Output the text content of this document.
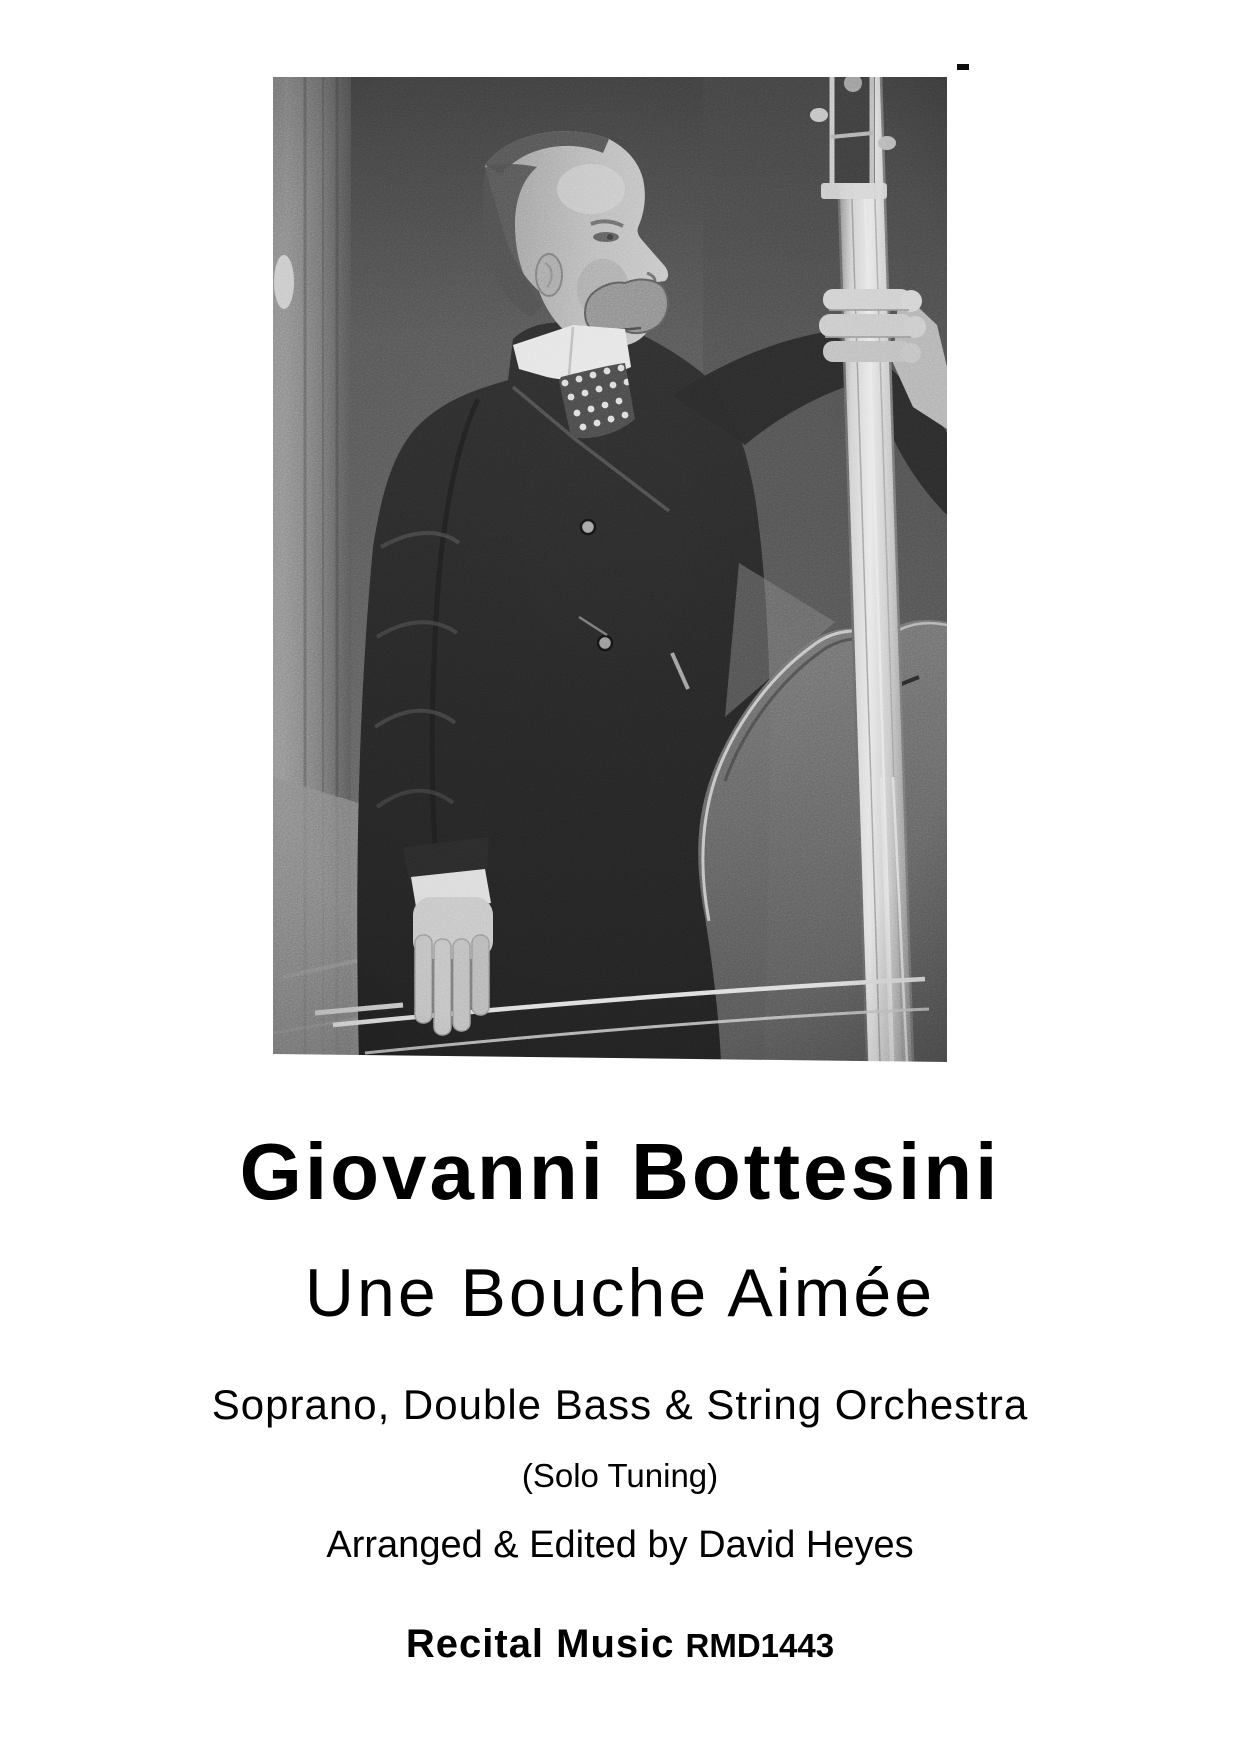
Giovanni Bottesini
Une Bouche Aimée

Soprano, Double Bass & String Orchestra

(Solo Tuning)

Arranged & Edited by David Heyes

Recital Music RMD1443
